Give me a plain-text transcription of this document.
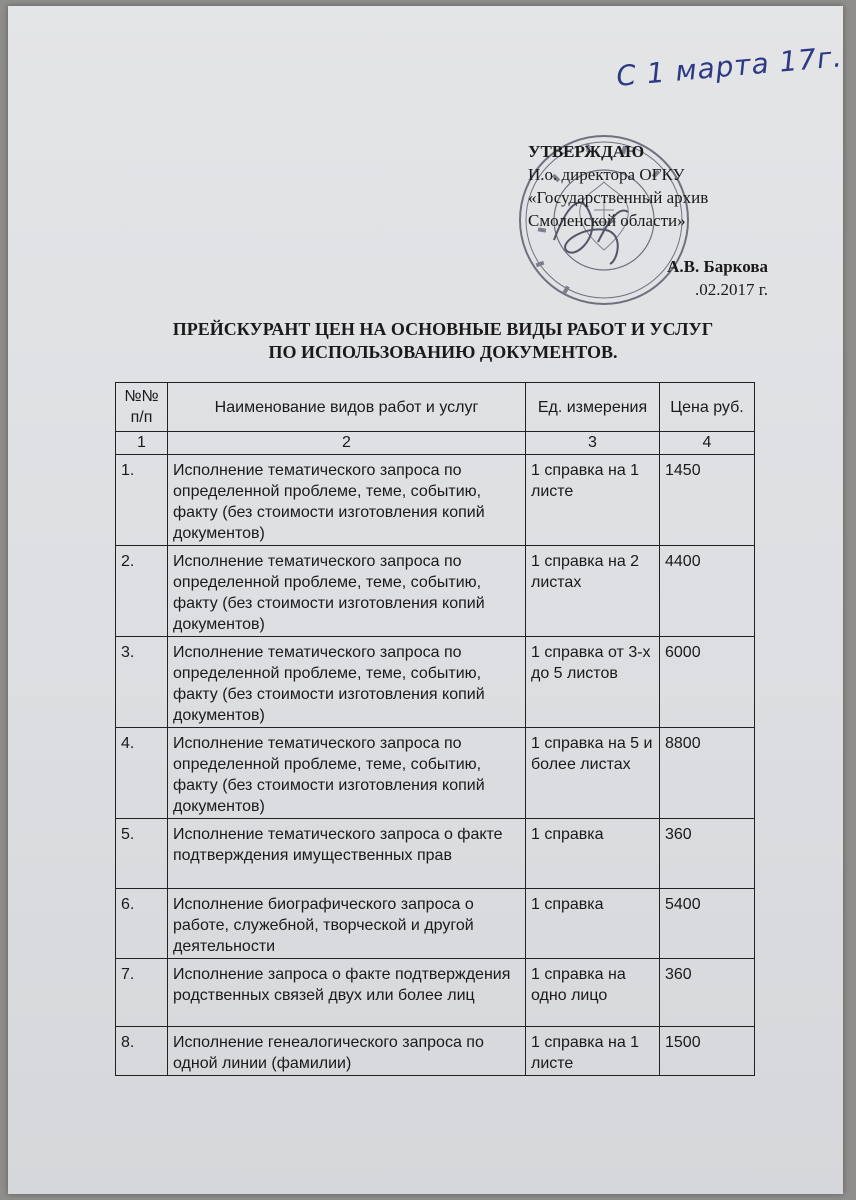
С 1 марта 17г.
УТВЕРЖДАЮ
И.о. директора ОГКУ
«Государственный архив
Смоленской области»
А.В. Баркова
.02.2017 г.
ПРЕЙСКУРАНТ ЦЕН НА ОСНОВНЫЕ ВИДЫ РАБОТ И УСЛУГ
ПО ИСПОЛЬЗОВАНИЮ ДОКУМЕНТОВ.
№№ п/п	Наименование видов работ и услуг	Ед. измерения	Цена руб.
1	2	3	4
1.	Исполнение тематического запроса по определенной проблеме, теме, событию, факту (без стоимости изготовления копий документов)	1 справка на 1 листе	1450
2.	Исполнение тематического запроса по определенной проблеме, теме, событию, факту (без стоимости изготовления копий документов)	1 справка на 2 листах	4400
3.	Исполнение тематического запроса по определенной проблеме, теме, событию, факту (без стоимости изготовления копий документов)	1 справка от 3-х до 5 листов	6000
4.	Исполнение тематического запроса по определенной проблеме, теме, событию, факту (без стоимости изготовления копий документов)	1 справка на 5 и более листах	8800
5.	Исполнение тематического запроса о факте подтверждения имущественных прав	1 справка	360
6.	Исполнение биографического запроса о работе, служебной, творческой и другой деятельности	1 справка	5400
7.	Исполнение запроса о факте подтверждения родственных связей двух или более лиц	1 справка на одно лицо	360
8.	Исполнение генеалогического запроса по одной линии (фамилии)	1 справка на 1 листе	1500
